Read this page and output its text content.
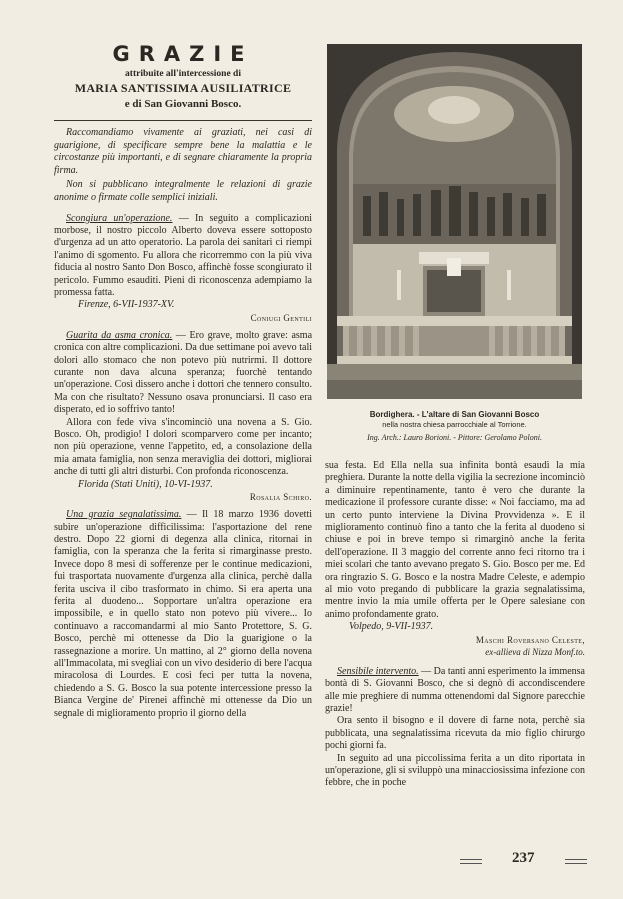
GRAZIE
attribuite all'intercessione di
MARIA SANTISSIMA AUSILIATRICE
e di San Giovanni Bosco.

Raccomandiamo vivamente ai graziati, nei casi di guarigione, di specificare sempre bene la malattia e le circostanze più importanti, e di segnare chiaramente la propria firma.

Non si pubblicano integralmente le relazioni di grazie anonime o firmate colle semplici iniziali.

Scongiura un'operazione. — In seguito a complicazioni morbose, il nostro piccolo Alberto doveva essere sottoposto d'urgenza ad un atto operatorio. La parola dei sanitari ci riempì l'animo di sgomento. Fu allora che ricorremmo con la più viva fiducia al nostro Santo Don Bosco, affinchè fosse scongiurato il pericolo. Fummo esauditi. Pieni di riconoscenza adempiamo la promessa fatta.

Firenze, 6-VII-1937-XV.

Coniugi Gentili

Guarita da asma cronica. — Ero grave, molto grave: asma cronica con altre complicazioni. Da due settimane poi avevo tali dolori allo stomaco che non potevo più nutrirmi. Il dottore curante non dava alcuna speranza; fuorchè tentando un'operazione. Così dissero anche i dottori che tennero consulto. Ma con che risultato? Nessuno osava pronunciarsi. Il caso era disperato, ed io soffrivo tanto!

Allora con fede viva s'incominciò una novena a S. Gio. Bosco. Oh, prodigio! I dolori scomparvero come per incanto; non più operazione, venne l'appetito, ed, a consolazione della mia amata famiglia, non senza meraviglia dei dottori, migliorai anche di tutti gli altri disturbi. Con profonda riconoscenza.

Florida (Stati Uniti), 10-VI-1937.

Rosalia Schiro.

Una grazia segnalatissima. — Il 18 marzo 1936 dovetti subire un'operazione difficilissima: l'asportazione del rene destro. Dopo 22 giorni di degenza alla clinica, ritornai in famiglia, con la speranza che la ferita si rimarginasse presto. Invece dopo 8 mesi di sofferenze per le continue medicazioni, fui trasportata nuovamente d'urgenza alla clinica, perchè dalla ferita usciva il cibo trasformato in chimo. Si era aperta una ferita al duodeno... Sopportare un'altra operazione era impossibile, e in quello stato non potevo più vivere... Io continuavo a raccomandarmi al mio Santo Protettore, S. G. Bosco, perchè mi ottenesse da Dio la guarigione o la rassegnazione a morire. Un mattino, al 2° giorno della novena all'Immacolata, mi svegliai con un vivo desiderio di bere l'acqua miracolosa di Lourdes. E così feci per tutta la novena, chiedendo a S. G. Bosco la sua potente intercessione presso la Bianca Vergine de' Pirenei affinchè mi ottenesse da Dio un segnale di miglioramento proprio il giorno della

Bordighera. - L'altare di San Giovanni Bosco

nella nostra chiesa parrocchiale al Torrione.

Ing. Arch.: Lauro Borioni. - Pittore: Gerolamo Poloni.

sua festa. Ed Ella nella sua infinita bontà esaudì la mia preghiera. Durante la notte della vigilia la secrezione incominciò a diminuire repentinamente, tanto è vero che durante la medicazione il professore curante disse: « Noi facciamo, ma ad un certo punto interviene la Divina Provvidenza ». E il miglioramento continuò fino a tanto che la ferita al duodeno si chiuse e poi in breve tempo si rimarginò anche la ferita dell'operazione. Il 3 maggio del corrente anno feci ritorno tra i miei scolari che tanto avevano pregato S. Gio. Bosco per me. Ed ora ringrazio S. G. Bosco e la nostra Madre Celeste, e adempio al mio voto pregando di pubblicare la grazia segnalatissima, mentre invio la mia umile offerta per le Opere salesiane con animo profondamente grato.

Volpedo, 9-VII-1937.

Maschi Roversano Celeste,

ex-allieva di Nizza Monf.to.

Sensibile intervento. — Da tanti anni esperimento la immensa bontà di S. Giovanni Bosco, che si degnò di accondiscendere alle mie preghiere di numma ottenendomi dal Signore parecchie grazie!

Ora sento il bisogno e il dovere di farne nota, perchè sia pubblicata, una segnalatissima ricevuta da mio figlio chirurgo pochi giorni fa.

In seguito ad una piccolissima ferita a un dito riportata in un'operazione, gli si sviluppò una minacciosissima infezione con febbre, che in poche

237
